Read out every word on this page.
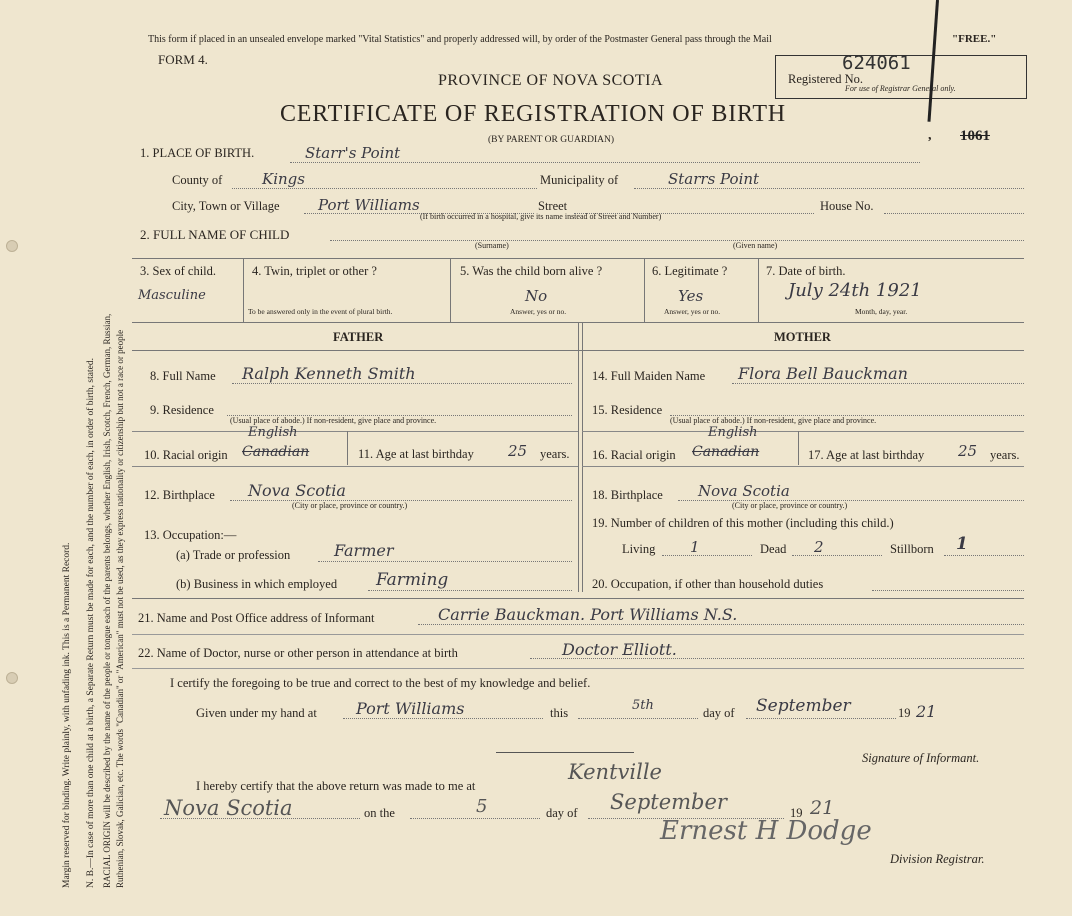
Margin reserved for binding. Write plainly, with unfading ink. This is a Permanent Record. N. B.—In case of more than one child at a birth, a Separate Return must be made for each, and the number of each, in order of birth, stated. RACIAL ORIGIN will be described by the name of the people or tongue each of the parents belongs, whether English, Irish, Scotch, French, German, Russian, Ruthenian, Slovak, Galician, etc. The words "Canadian" or "American" must not be used, as they express nationality or citizenship but not a race or people
This form if placed in an unsealed envelope marked "Vital Statistics" and properly addressed will, by order of the Postmaster General pass through the Mail	"FREE."
FORM 4.
PROVINCE OF NOVA SCOTIA
CERTIFICATE OF REGISTRATION OF BIRTH
(BY PARENT OR GUARDIAN)
Registered No.
624061
For use of Registrar General only.
1061
,
1. PLACE OF BIRTH.	Starr's Point
County of	Kings	Municipality of	Starrs Point
City, Town or Village	Port Williams	Street
(If birth occurred in a hospital, give its name instead of Street and Number)
House No.
2. FULL NAME OF CHILD
(Surname)	(Given name)
3. Sex of child.
Masculine
4. Twin, triplet or other ?
To be answered only in the event of plural birth.
5. Was the child born alive ?
No
Answer, yes or no.
6. Legitimate ?
Yes
Answer, yes or no.
7. Date of birth.
July 24th 1921
Month, day, year.
FATHER	MOTHER
8. Full Name Ralph Kenneth Smith
9. Residence
(Usual place of abode.) If non-resident, give place and province.
10. Racial origin
English
Canadian	11. Age at last birthday 25 years.
12. Birthplace Nova Scotia
(City or place, province or country.)
13. Occupation:—
(a) Trade or profession	Farmer
(b) Business in which employed Farming
14. Full Maiden Name Flora Bell Bauckman
15. Residence
(Usual place of abode.) If non-resident, give place and province.
16. Racial origin
English
Canadian	17. Age at last birthday 25 years.
18. Birthplace Nova Scotia
(City or place, province or country.)
19. Number of children of this mother (including this child.)
Living 1	Dead 2	Stillborn 1
20. Occupation, if other than household duties
21. Name and Post Office address of Informant	Carrie Bauckman. Port Williams N.S.
22. Name of Doctor, nurse or other person in attendance at birth	Doctor Elliott.
I certify the foregoing to be true and correct to the best of my knowledge and belief.
Given under my hand at Port Williams	this	5th	day of September	19 21
Signature of Informant.
I hereby certify that the above return was made to me at
Kentville
Nova Scotia	on the	5	day of September	19 21
Ernest H Dodge
Division Registrar.
